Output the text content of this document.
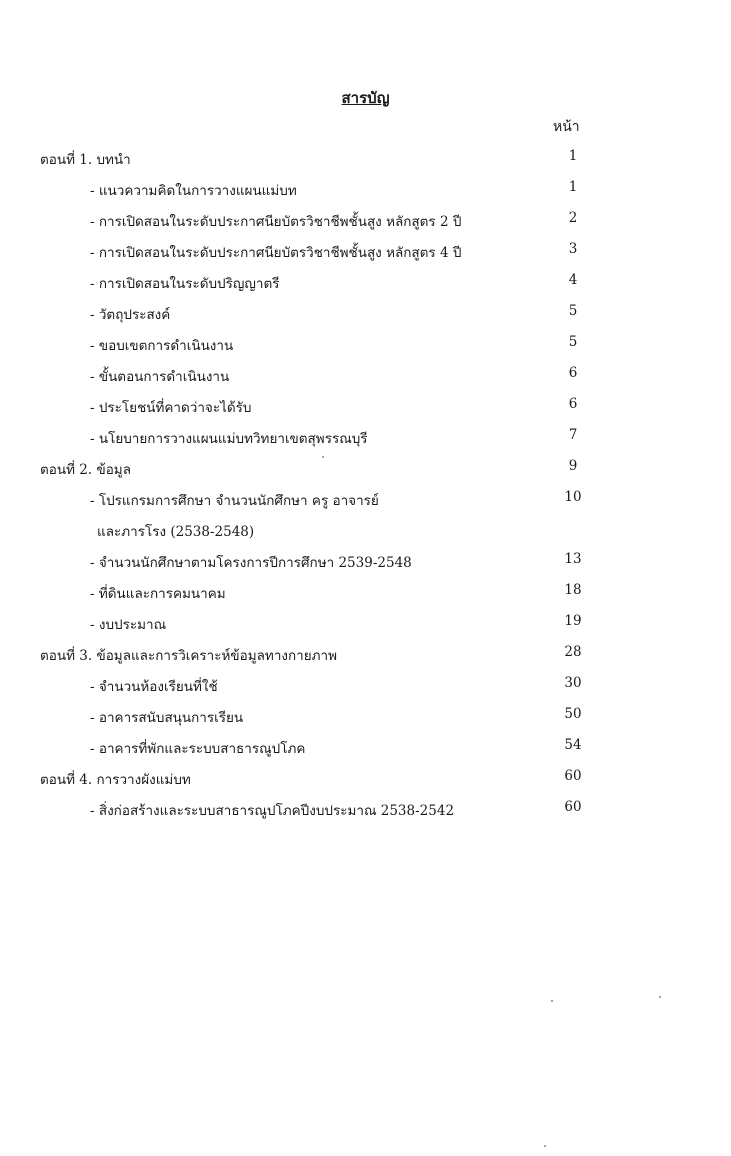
สารบัญ
หน้า
ตอนที่ 1. บทนำ	1
- แนวความคิดในการวางแผนแม่บท	1
- การเปิดสอนในระดับประกาศนียบัตรวิชาชีพชั้นสูง หลักสูตร 2 ปี	2
- การเปิดสอนในระดับประกาศนียบัตรวิชาชีพชั้นสูง หลักสูตร 4 ปี	3
- การเปิดสอนในระดับปริญญาตรี	4
- วัตถุประสงค์	5
- ขอบเขตการดำเนินงาน	5
- ขั้นตอนการดำเนินงาน	6
- ประโยชน์ที่คาดว่าจะได้รับ	6
- นโยบายการวางแผนแม่บทวิทยาเขตสุพรรณบุรี	7
ตอนที่ 2. ข้อมูล	9
- โปรแกรมการศึกษา จำนวนนักศึกษา ครู อาจารย์	10
และภารโรง (2538-2548)
- จำนวนนักศึกษาตามโครงการปีการศึกษา 2539-2548	13
- ที่ดินและการคมนาคม	18
- งบประมาณ	19
ตอนที่ 3. ข้อมูลและการวิเคราะห์ข้อมูลทางกายภาพ	28
- จำนวนห้องเรียนที่ใช้	30
- อาคารสนับสนุนการเรียน	50
- อาคารที่พักและระบบสาธารณูปโภค	54
ตอนที่ 4. การวางผังแม่บท	60
- สิ่งก่อสร้างและระบบสาธารณูปโภคปีงบประมาณ 2538-2542	60
